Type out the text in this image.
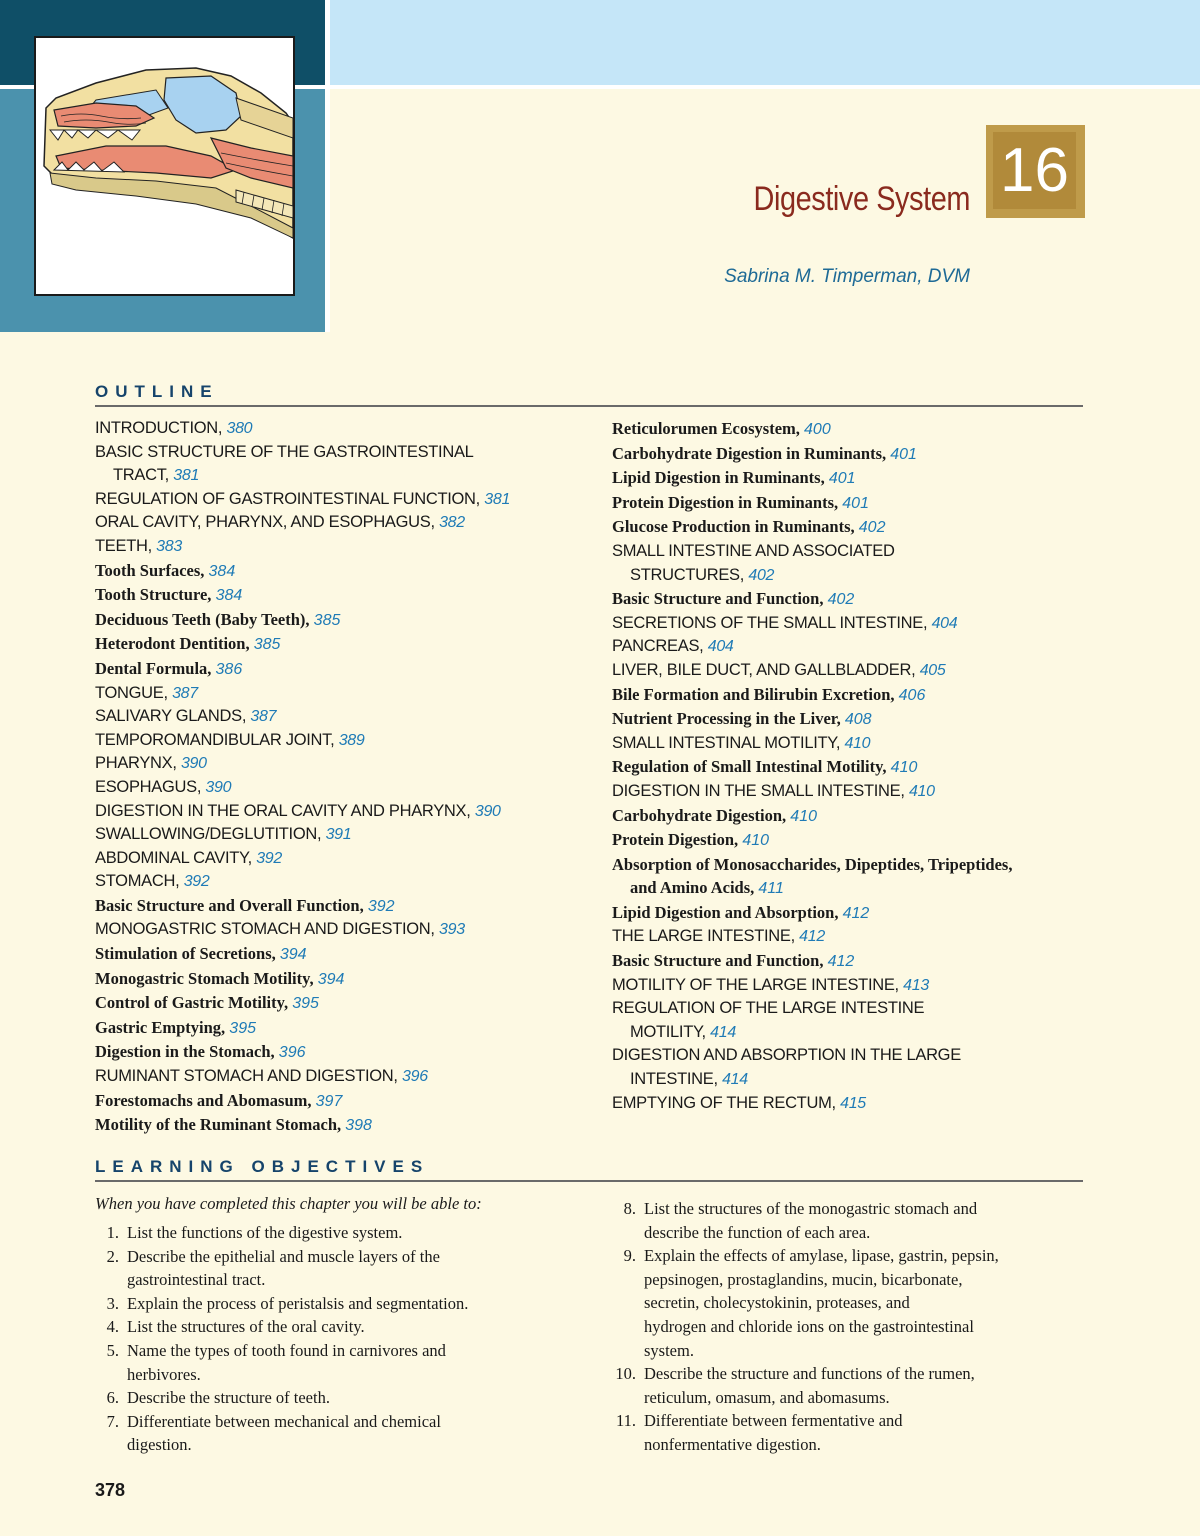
Digestive System 16
Sabrina M. Timperman, DVM
OUTLINE
INTRODUCTION, 380
BASIC STRUCTURE OF THE GASTROINTESTINAL
TRACT, 381
REGULATION OF GASTROINTESTINAL FUNCTION, 381
ORAL CAVITY, PHARYNX, AND ESOPHAGUS, 382
TEETH, 383
Tooth Surfaces, 384
Tooth Structure, 384
Deciduous Teeth (Baby Teeth), 385
Heterodont Dentition, 385
Dental Formula, 386
TONGUE, 387
SALIVARY GLANDS, 387
TEMPOROMANDIBULAR JOINT, 389
PHARYNX, 390
ESOPHAGUS, 390
DIGESTION IN THE ORAL CAVITY AND PHARYNX, 390
SWALLOWING/DEGLUTITION, 391
ABDOMINAL CAVITY, 392
STOMACH, 392
Basic Structure and Overall Function, 392
MONOGASTRIC STOMACH AND DIGESTION, 393
Stimulation of Secretions, 394
Monogastric Stomach Motility, 394
Control of Gastric Motility, 395
Gastric Emptying, 395
Digestion in the Stomach, 396
RUMINANT STOMACH AND DIGESTION, 396
Forestomachs and Abomasum, 397
Motility of the Ruminant Stomach, 398
Reticulorumen Ecosystem, 400
Carbohydrate Digestion in Ruminants, 401
Lipid Digestion in Ruminants, 401
Protein Digestion in Ruminants, 401
Glucose Production in Ruminants, 402
SMALL INTESTINE AND ASSOCIATED
STRUCTURES, 402
Basic Structure and Function, 402
SECRETIONS OF THE SMALL INTESTINE, 404
PANCREAS, 404
LIVER, BILE DUCT, AND GALLBLADDER, 405
Bile Formation and Bilirubin Excretion, 406
Nutrient Processing in the Liver, 408
SMALL INTESTINAL MOTILITY, 410
Regulation of Small Intestinal Motility, 410
DIGESTION IN THE SMALL INTESTINE, 410
Carbohydrate Digestion, 410
Protein Digestion, 410
Absorption of Monosaccharides, Dipeptides, Tripeptides,
and Amino Acids, 411
Lipid Digestion and Absorption, 412
THE LARGE INTESTINE, 412
Basic Structure and Function, 412
MOTILITY OF THE LARGE INTESTINE, 413
REGULATION OF THE LARGE INTESTINE
MOTILITY, 414
DIGESTION AND ABSORPTION IN THE LARGE
INTESTINE, 414
EMPTYING OF THE RECTUM, 415
LEARNING OBJECTIVES
When you have completed this chapter you will be able to:
1. List the functions of the digestive system.
2. Describe the epithelial and muscle layers of the
gastrointestinal tract.
3. Explain the process of peristalsis and segmentation.
4. List the structures of the oral cavity.
5. Name the types of tooth found in carnivores and
herbivores.
6. Describe the structure of teeth.
7. Differentiate between mechanical and chemical
digestion.
8. List the structures of the monogastric stomach and
describe the function of each area.
9. Explain the effects of amylase, lipase, gastrin, pepsin,
pepsinogen, prostaglandins, mucin, bicarbonate,
secretin, cholecystokinin, proteases, and
hydrogen and chloride ions on the gastrointestinal
system.
10. Describe the structure and functions of the rumen,
reticulum, omasum, and abomasums.
11. Differentiate between fermentative and
nonfermentative digestion.
378
